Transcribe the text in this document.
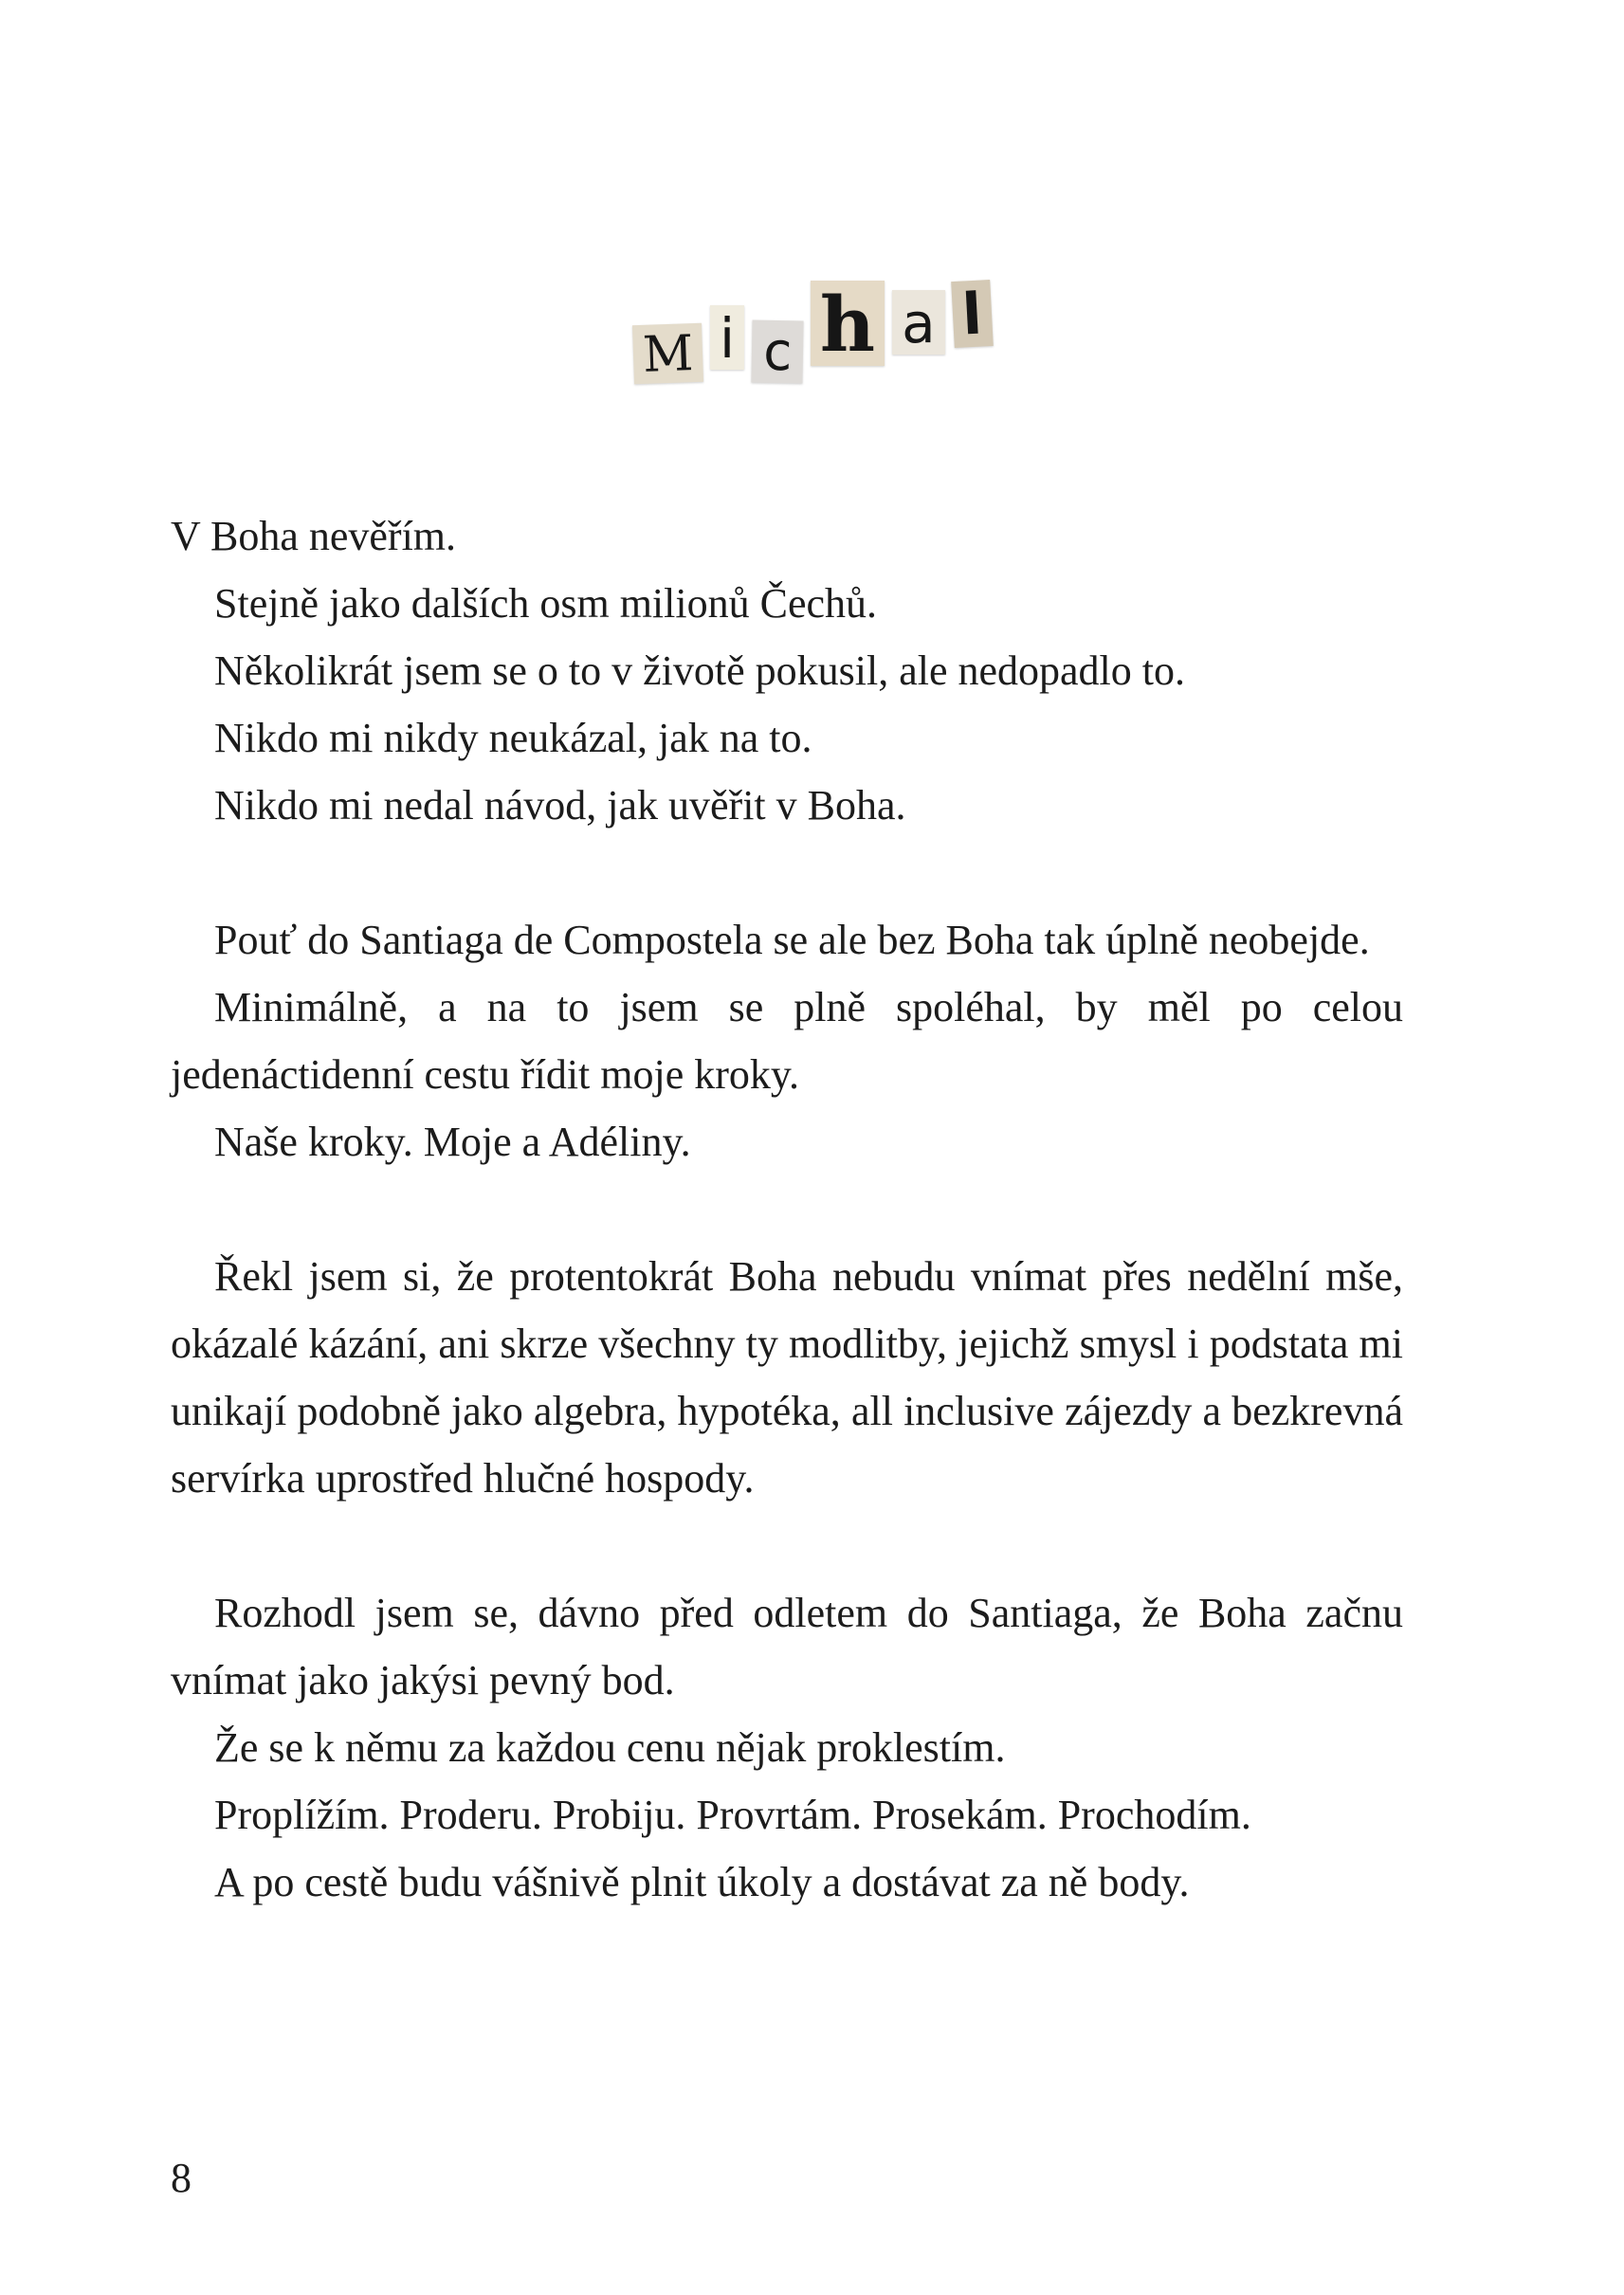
M i c h a l

V Boha nevěřím.

Stejně jako dalších osm milionů Čechů.

Několikrát jsem se o to v životě pokusil, ale nedopadlo to.

Nikdo mi nikdy neukázal, jak na to.

Nikdo mi nedal návod, jak uvěřit v Boha.

Pouť do Santiaga de Compostela se ale bez Boha tak úplně neobejde.

Minimálně, a na to jsem se plně spoléhal, by měl po celou jedenáctidenní cestu řídit moje kroky.

Naše kroky. Moje a Adéliny.

Řekl jsem si, že protentokrát Boha nebudu vnímat přes nedělní mše, okázalé kázání, ani skrze všechny ty modlitby, jejichž smysl i podstata mi unikají podobně jako algebra, hypotéka, all inclusive zájezdy a bezkrevná servírka uprostřed hlučné hospody.

Rozhodl jsem se, dávno před odletem do Santiaga, že Boha začnu vnímat jako jakýsi pevný bod.

Že se k němu za každou cenu nějak proklestím.

Proplížím. Proderu. Probiju. Provrtám. Prosekám. Prochodím.

A po cestě budu vášnivě plnit úkoly a dostávat za ně body.

8
